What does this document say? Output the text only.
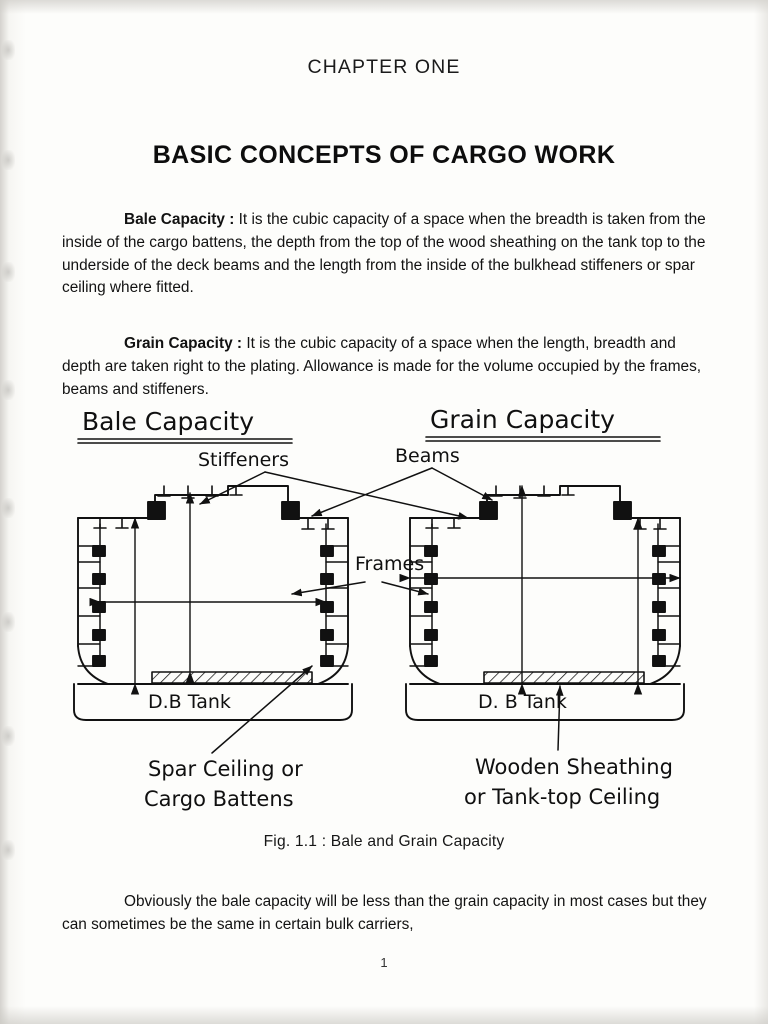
CHAPTER ONE
BASIC CONCEPTS OF CARGO WORK

Bale Capacity : It is the cubic capacity of a space when the breadth is taken from the inside of the cargo battens, the depth from the top of the wood sheathing on the tank top to the underside of the deck beams and the length from the inside of the bulkhead stiffeners or spar ceiling where fitted.

Grain Capacity : It is the cubic capacity of a space when the length, breadth and depth are taken right to the plating. Allowance is made for the volume occupied by the frames, beams and stiffeners.

Bale Capacity	Grain Capacity
Stiffeners	Beams
Frames
D.B Tank	D. B Tank
Spar Ceiling or
Cargo Battens
Wooden Sheathing
or Tank-top Ceiling
Fig. 1.1 : Bale and Grain Capacity

Obviously the bale capacity will be less than the grain capacity in most cases but they can sometimes be the same in certain bulk carriers,

1
